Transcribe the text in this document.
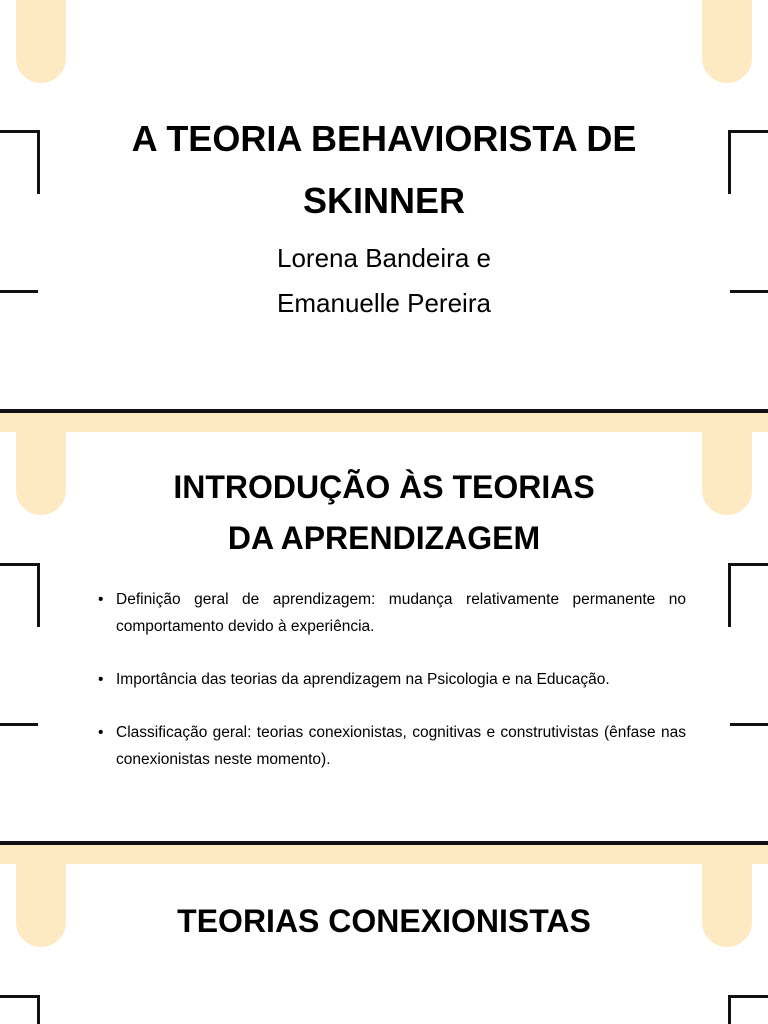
A TEORIA BEHAVIORISTA DE
SKINNER
Lorena Bandeira e
Emanuelle Pereira
INTRODUÇÃO ÀS TEORIAS
DA APRENDIZAGEM
• Definição geral de aprendizagem: mudança relativamente permanente no comportamento devido à experiência.
• Importância das teorias da aprendizagem na Psicologia e na Educação.
• Classificação geral: teorias conexionistas, cognitivas e construtivistas (ênfase nas conexionistas neste momento).
TEORIAS CONEXIONISTAS
